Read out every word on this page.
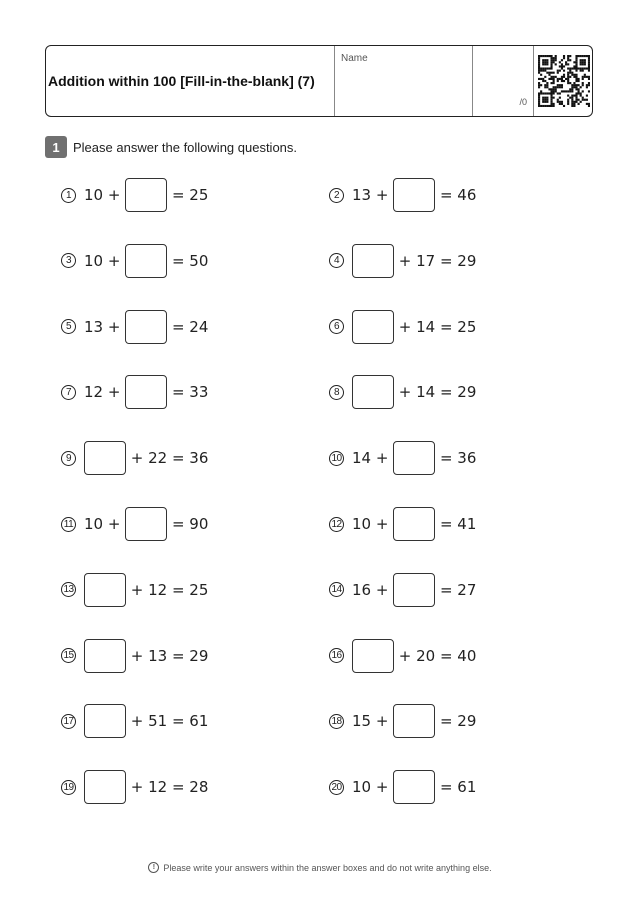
Addition within 100 [Fill-in-the-blank] (7)
Name
/0
1	Please answer the following questions.
1 10 +	= 25	2 13 +	= 46
3 10 +	= 50	4	+ 17 = 29
5 13 +	= 24	6	+ 14 = 25
7 12 +	= 33	8	+ 14 = 29
9	+ 22 = 36	10 14 +	= 36
11 10 +	= 90	12 10 +	= 41
13	+ 12 = 25	14 16 +	= 27
15	+ 13 = 29	16	+ 20 = 40
17	+ 51 = 61	18 15 +	= 29
19	+ 12 = 28	20 10 +	= 61
! Please write your answers within the answer boxes and do not write anything else.
